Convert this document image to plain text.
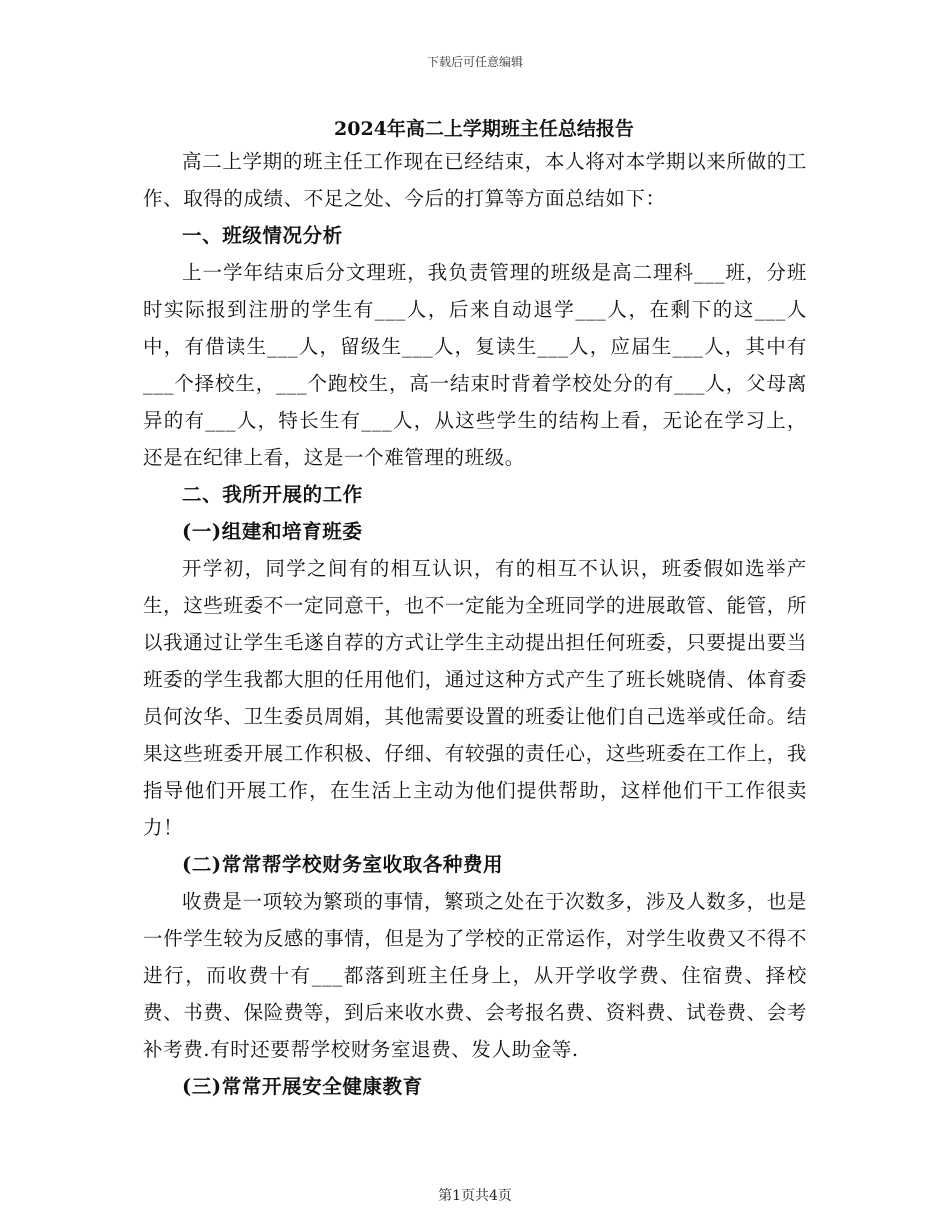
下载后可任意编辑
2024年高二上学期班主任总结报告

高二上学期的班主任工作现在已经结束，本人将对本学期以来所做的工作、取得的成绩、不足之处、今后的打算等方面总结如下：

一、班级情况分析

上一学年结束后分文理班，我负责管理的班级是高二理科___班，分班时实际报到注册的学生有___人，后来自动退学___人，在剩下的这___人中，有借读生___人，留级生___人，复读生___人，应届生___人，其中有___个择校生，___个跑校生，高一结束时背着学校处分的有___人，父母离异的有___人，特长生有___人，从这些学生的结构上看，无论在学习上，还是在纪律上看，这是一个难管理的班级。

二、我所开展的工作

(一)组建和培育班委

开学初，同学之间有的相互认识，有的相互不认识，班委假如选举产生，这些班委不一定同意干，也不一定能为全班同学的进展敢管、能管，所以我通过让学生毛遂自荐的方式让学生主动提出担任何班委，只要提出要当班委的学生我都大胆的任用他们，通过这种方式产生了班长姚晓倩、体育委员何汝华、卫生委员周娟，其他需要设置的班委让他们自己选举或任命。结果这些班委开展工作积极、仔细、有较强的责任心，这些班委在工作上，我指导他们开展工作，在生活上主动为他们提供帮助，这样他们干工作很卖力！

(二)常常帮学校财务室收取各种费用

收费是一项较为繁琐的事情，繁琐之处在于次数多，涉及人数多，也是一件学生较为反感的事情，但是为了学校的正常运作，对学生收费又不得不进行，而收费十有___都落到班主任身上，从开学收学费、住宿费、择校费、书费、保险费等，到后来收水费、会考报名费、资料费、试卷费、会考补考费.有时还要帮学校财务室退费、发人助金等.

(三)常常开展安全健康教育

第1页共4页
